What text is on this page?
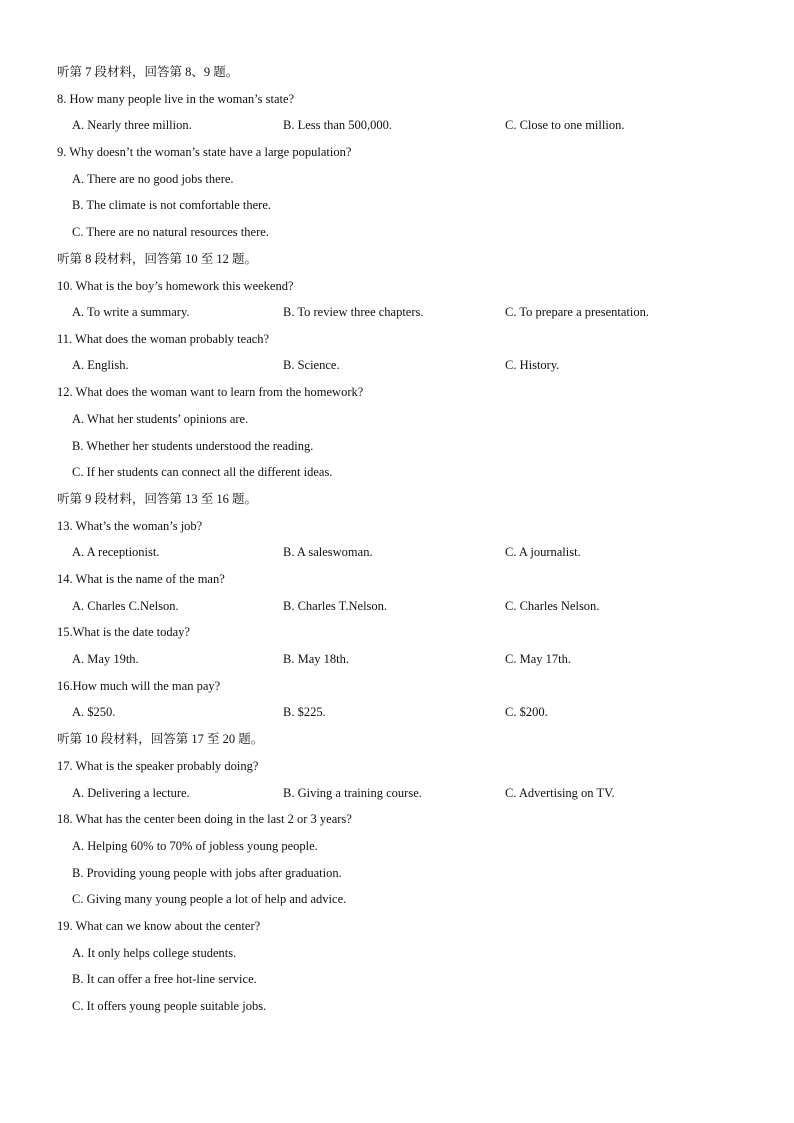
听第 7 段材料，回答第 8、9 题。
8. How many people live in the woman’s state?
A. Nearly three million.	B. Less than 500,000.	C. Close to one million.
9. Why doesn’t the woman’s state have a large population?
A. There are no good jobs there.
B. The climate is not comfortable there.
C. There are no natural resources there.
听第 8 段材料，回答第 10 至 12 题。
10. What is the boy’s homework this weekend?
A. To write a summary.	B. To review three chapters.	C. To prepare a presentation.
11. What does the woman probably teach?
A. English.	B. Science.	C. History.
12. What does the woman want to learn from the homework?
A. What her students’ opinions are.
B. Whether her students understood the reading.
C. If her students can connect all the different ideas.
听第 9 段材料，回答第 13 至 16 题。
13. What’s the woman’s job?
A. A receptionist.	B. A saleswoman.	C. A journalist.
14. What is the name of the man?
A. Charles C.Nelson.	B. Charles T.Nelson.	C. Charles Nelson.
15.What is the date today?
A. May 19th.	B. May 18th.	C. May 17th.
16.How much will the man pay?
A. $250.	B. $225.	C. $200.
听第 10 段材料，回答第 17 至 20 题。
17. What is the speaker probably doing?
A. Delivering a lecture.	B. Giving a training course.	C. Advertising on TV.
18. What has the center been doing in the last 2 or 3 years?
A. Helping 60% to 70% of jobless young people.
B. Providing young people with jobs after graduation.
C. Giving many young people a lot of help and advice.
19. What can we know about the center?
A. It only helps college students.
B. It can offer a free hot-line service.
C. It offers young people suitable jobs.
